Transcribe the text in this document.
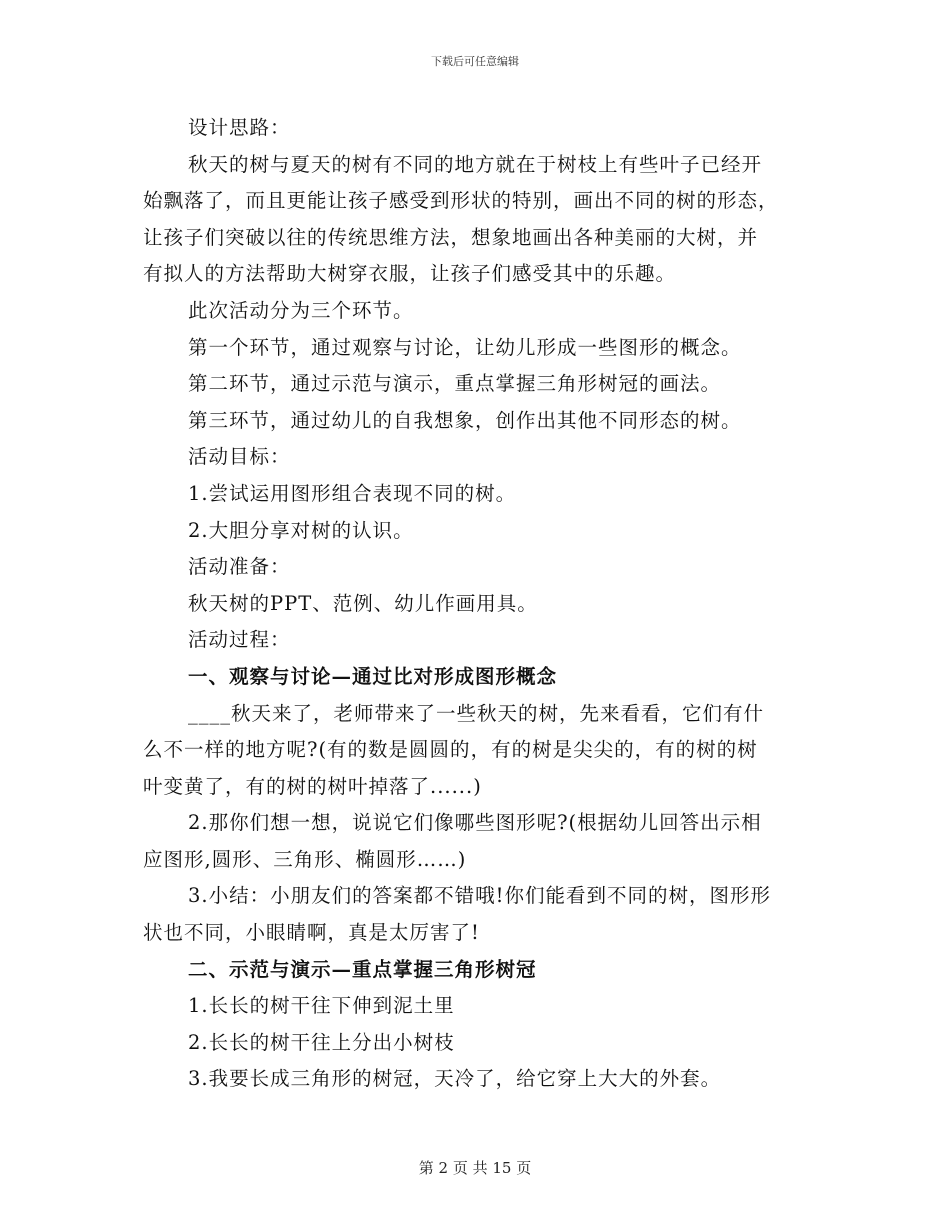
下载后可任意编辑
设计思路：
秋天的树与夏天的树有不同的地方就在于树枝上有些叶子已经开
始飘落了，而且更能让孩子感受到形状的特别，画出不同的树的形态，
让孩子们突破以往的传统思维方法，想象地画出各种美丽的大树，并
有拟人的方法帮助大树穿衣服，让孩子们感受其中的乐趣。
此次活动分为三个环节。
第一个环节，通过观察与讨论，让幼儿形成一些图形的概念。
第二环节，通过示范与演示，重点掌握三角形树冠的画法。
第三环节，通过幼儿的自我想象，创作出其他不同形态的树。
活动目标：
1.尝试运用图形组合表现不同的树。
2.大胆分享对树的认识。
活动准备：
秋天树的PPT、范例、幼儿作画用具。
活动过程：
一、观察与讨论—通过比对形成图形概念
____秋天来了，老师带来了一些秋天的树，先来看看，它们有什
么不一样的地方呢?(有的数是圆圆的，有的树是尖尖的，有的树的树
叶变黄了，有的树的树叶掉落了......)
2.那你们想一想，说说它们像哪些图形呢?(根据幼儿回答出示相
应图形,圆形、三角形、椭圆形……)
3.小结：小朋友们的答案都不错哦!你们能看到不同的树，图形形
状也不同，小眼睛啊，真是太厉害了!
二、示范与演示—重点掌握三角形树冠
1.长长的树干往下伸到泥土里
2.长长的树干往上分出小树枝
3.我要长成三角形的树冠，天冷了，给它穿上大大的外套。
第 2 页 共 15 页
